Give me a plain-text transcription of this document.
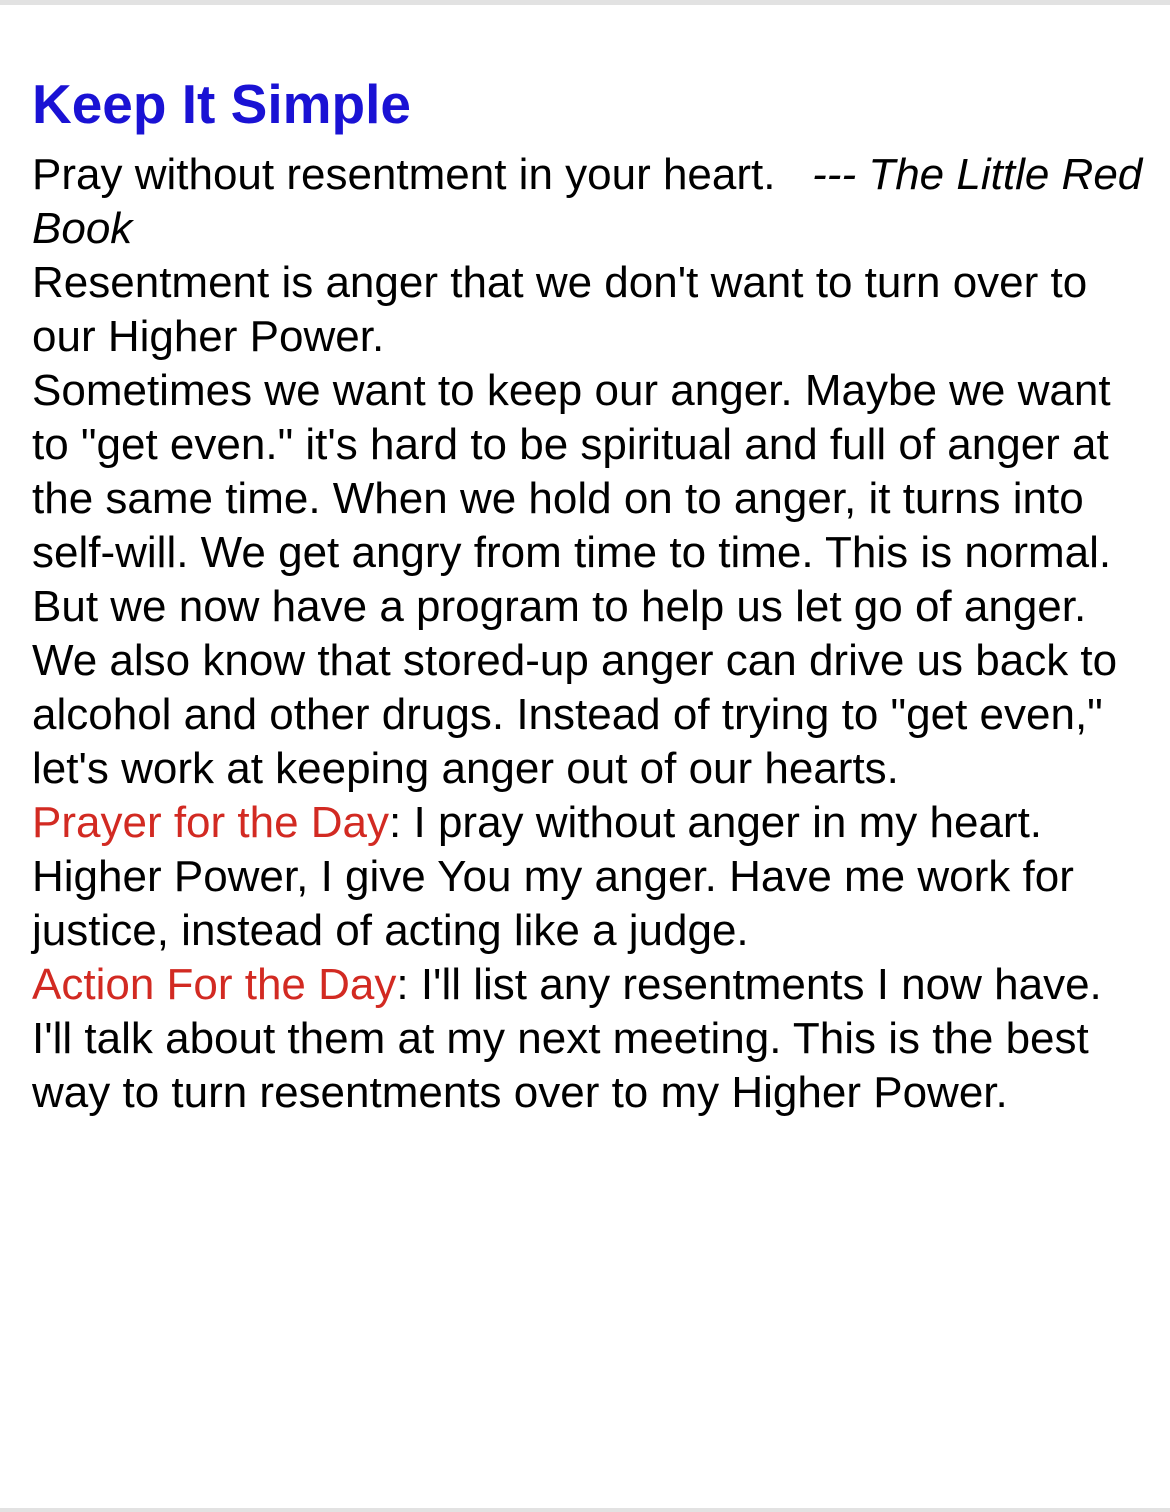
Keep It Simple

Pray without resentment in your heart. --- The Little Red Book

Resentment is anger that we don't want to turn over to our Higher Power.
Sometimes we want to keep our anger. Maybe we want to "get even." it's hard to be spiritual and full of anger at the same time. When we hold on to anger, it turns into self-will. We get angry from time to time. This is normal. But we now have a program to help us let go of anger. We also know that stored-up anger can drive us back to alcohol and other drugs. Instead of trying to "get even," let's work at keeping anger out of our hearts.

Prayer for the Day: I pray without anger in my heart. Higher Power, I give You my anger. Have me work for justice, instead of acting like a judge.

Action For the Day: I'll list any resentments I now have. I'll talk about them at my next meeting. This is the best way to turn resentments over to my Higher Power.
